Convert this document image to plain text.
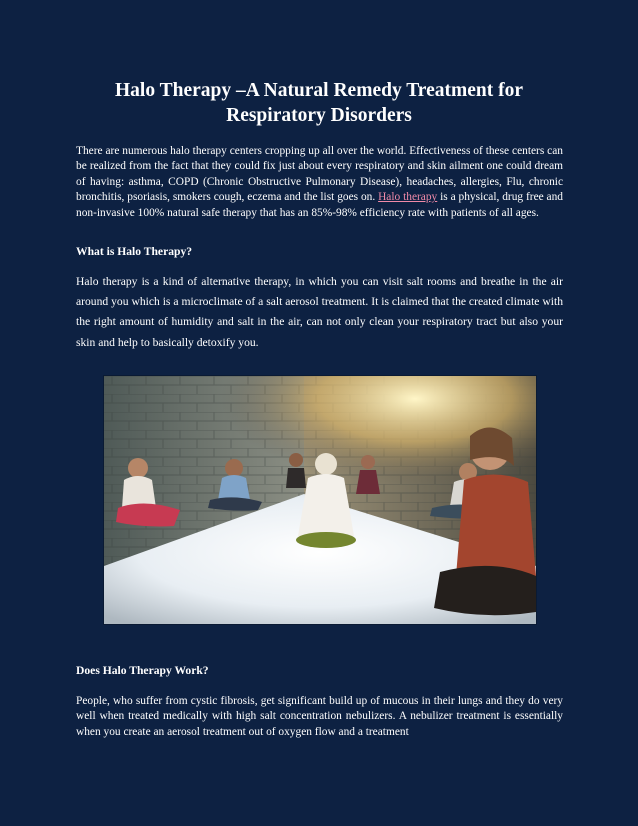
Halo Therapy –A Natural Remedy Treatment for Respiratory Disorders

There are numerous halo therapy centers cropping up all over the world. Effectiveness of these centers can be realized from the fact that they could fix just about every respiratory and skin ailment one could dream of having: asthma, COPD (Chronic Obstructive Pulmonary Disease), headaches, allergies, Flu, chronic bronchitis, psoriasis, smokers cough, eczema and the list goes on. Halo therapy is a physical, drug free and non-invasive 100% natural safe therapy that has an 85%-98% efficiency rate with patients of all ages.

What is Halo Therapy?

Halo therapy is a kind of alternative therapy, in which you can visit salt rooms and breathe in the air around you which is a microclimate of a salt aerosol treatment. It is claimed that the created climate with the right amount of humidity and salt in the air, can not only clean your respiratory tract but also your skin and help to basically detoxify you.

Does Halo Therapy Work?

People, who suffer from cystic fibrosis, get significant build up of mucous in their lungs and they do very well when treated medically with high salt concentration nebulizers. A nebulizer treatment is essentially when you create an aerosol treatment out of oxygen flow and a treatment
